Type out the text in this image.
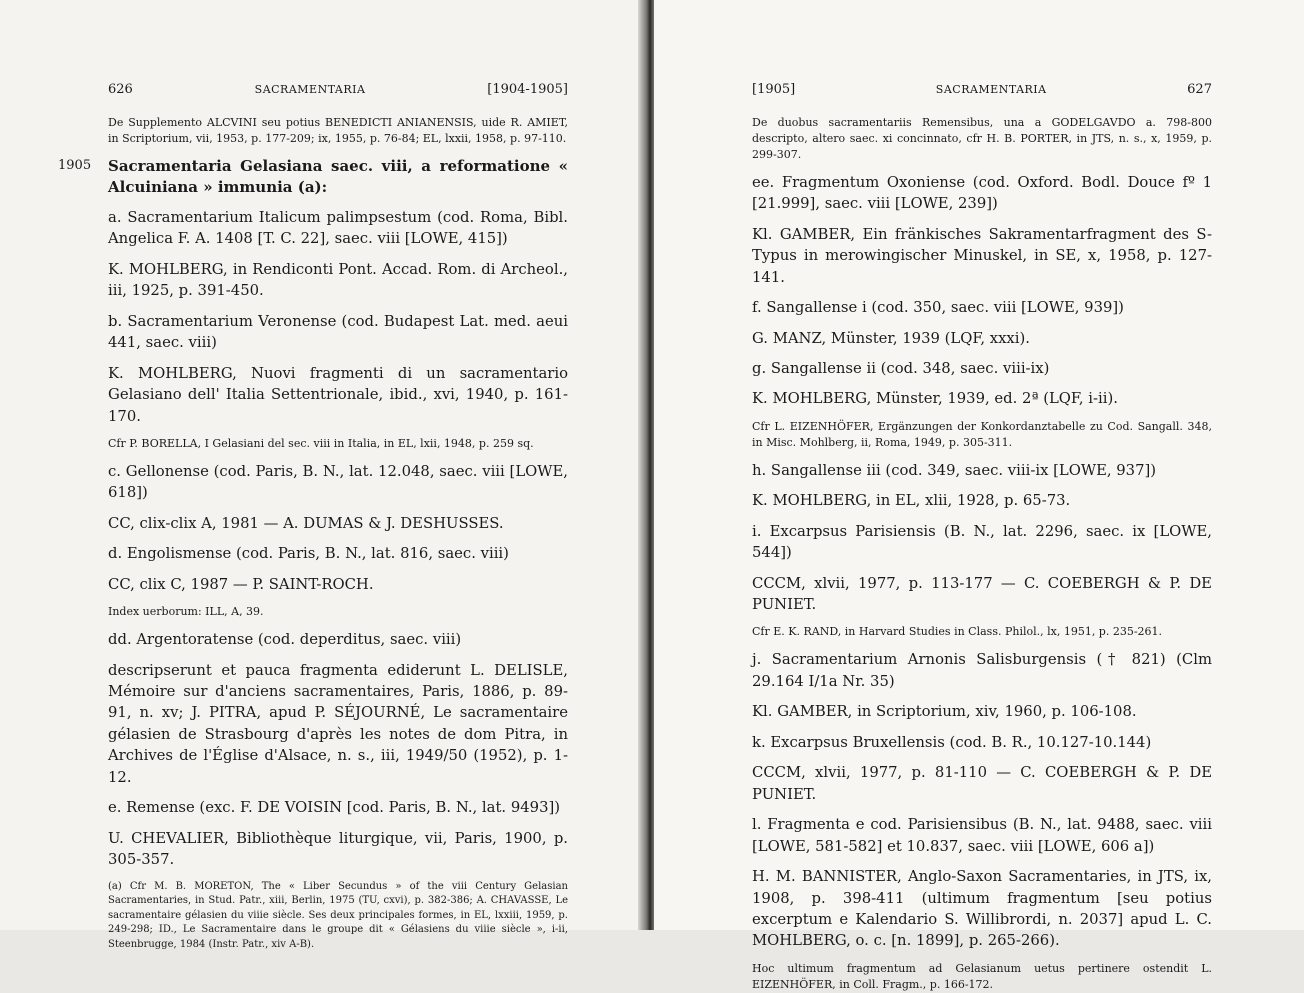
626	SACRAMENTARIA	[1904-1905]

De Supplemento ALCVINI seu potius BENEDICTI ANIANENSIS, uide R. AMIET, in Scriptorium, vii, 1953, p. 177-209; ix, 1955, p. 76-84; EL, lxxii, 1958, p. 97-110.

1905 Sacramentaria Gelasiana saec. viii, a reformatione « Alcuiniana » immunia (a):

a. Sacramentarium Italicum palimpsestum (cod. Roma, Bibl. Angelica F. A. 1408 [T. C. 22], saec. viii [LOWE, 415])

K. MOHLBERG, in Rendiconti Pont. Accad. Rom. di Archeol., iii, 1925, p. 391-450.

b. Sacramentarium Veronense (cod. Budapest Lat. med. aeui 441, saec. viii)

K. MOHLBERG, Nuovi fragmenti di un sacramentario Gelasiano dell' Italia Settentrionale, ibid., xvi, 1940, p. 161-170.

Cfr P. BORELLA, I Gelasiani del sec. viii in Italia, in EL, lxii, 1948, p. 259 sq.

c. Gellonense (cod. Paris, B. N., lat. 12.048, saec. viii [LOWE, 618])

CC, clix-clix A, 1981 — A. DUMAS & J. DESHUSSES.

d. Engolismense (cod. Paris, B. N., lat. 816, saec. viii)

CC, clix C, 1987 — P. SAINT-ROCH.

Index uerborum: ILL, A, 39.

dd. Argentoratense (cod. deperditus, saec. viii)

descripserunt et pauca fragmenta ediderunt L. DELISLE, Mémoire sur d'anciens sacramentaires, Paris, 1886, p. 89-91, n. xv; J. PITRA, apud P. SÉJOURNÉ, Le sacramentaire gélasien de Strasbourg d'après les notes de dom Pitra, in Archives de l'Église d'Alsace, n. s., iii, 1949/50 (1952), p. 1-12.

e. Remense (exc. F. DE VOISIN [cod. Paris, B. N., lat. 9493])

U. CHEVALIER, Bibliothèque liturgique, vii, Paris, 1900, p. 305-357.

(a) Cfr M. B. MORETON, The « Liber Secundus » of the viii Century Gelasian Sacramentaries, in Stud. Patr., xiii, Berlin, 1975 (TU, cxvi), p. 382-386; A. CHAVASSE, Le sacramentaire gélasien du viiie siècle. Ses deux principales formes, in EL, lxxiii, 1959, p. 249-298; ID., Le Sacramentaire dans le groupe dit « Gélasiens du viiie siècle », i-ii, Steenbrugge, 1984 (Instr. Patr., xiv A-B).

[1905]	SACRAMENTARIA	627

De duobus sacramentariis Remensibus, una a GODELGAVDO a. 798-800 descripto, altero saec. xi concinnato, cfr H. B. PORTER, in JTS, n. s., x, 1959, p. 299-307.

ee. Fragmentum Oxoniense (cod. Oxford. Bodl. Douce fº 1 [21.999], saec. viii [LOWE, 239])

Kl. GAMBER, Ein fränkisches Sakramentarfragment des S-Typus in merowingischer Minuskel, in SE, x, 1958, p. 127-141.

f. Sangallense i (cod. 350, saec. viii [LOWE, 939])

G. MANZ, Münster, 1939 (LQF, xxxi).

g. Sangallense ii (cod. 348, saec. viii-ix)

K. MOHLBERG, Münster, 1939, ed. 2ª (LQF, i-ii).

Cfr L. EIZENHÖFER, Ergänzungen der Konkordanztabelle zu Cod. Sangall. 348, in Misc. Mohlberg, ii, Roma, 1949, p. 305-311.

h. Sangallense iii (cod. 349, saec. viii-ix [LOWE, 937])

K. MOHLBERG, in EL, xlii, 1928, p. 65-73.

i. Excarpsus Parisiensis (B. N., lat. 2296, saec. ix [LOWE, 544])

CCCM, xlvii, 1977, p. 113-177 — C. COEBERGH & P. DE PUNIET.

Cfr E. K. RAND, in Harvard Studies in Class. Philol., lx, 1951, p. 235-261.

j. Sacramentarium Arnonis Salisburgensis († 821) (Clm 29.164 I/1a Nr. 35)

Kl. GAMBER, in Scriptorium, xiv, 1960, p. 106-108.

k. Excarpsus Bruxellensis (cod. B. R., 10.127-10.144)

CCCM, xlvii, 1977, p. 81-110 — C. COEBERGH & P. DE PUNIET.

l. Fragmenta e cod. Parisiensibus (B. N., lat. 9488, saec. viii [LOWE, 581-582] et 10.837, saec. viii [LOWE, 606 a])

H. M. BANNISTER, Anglo-Saxon Sacramentaries, in JTS, ix, 1908, p. 398-411 (ultimum fragmentum [seu potius excerptum e Kalendario S. Willibrordi, n. 2037] apud L. C. MOHLBERG, o. c. [n. 1899], p. 265-266).

Hoc ultimum fragmentum ad Gelasianum uetus pertinere ostendit L. EIZENHÖFER, in Coll. Fragm., p. 166-172.
